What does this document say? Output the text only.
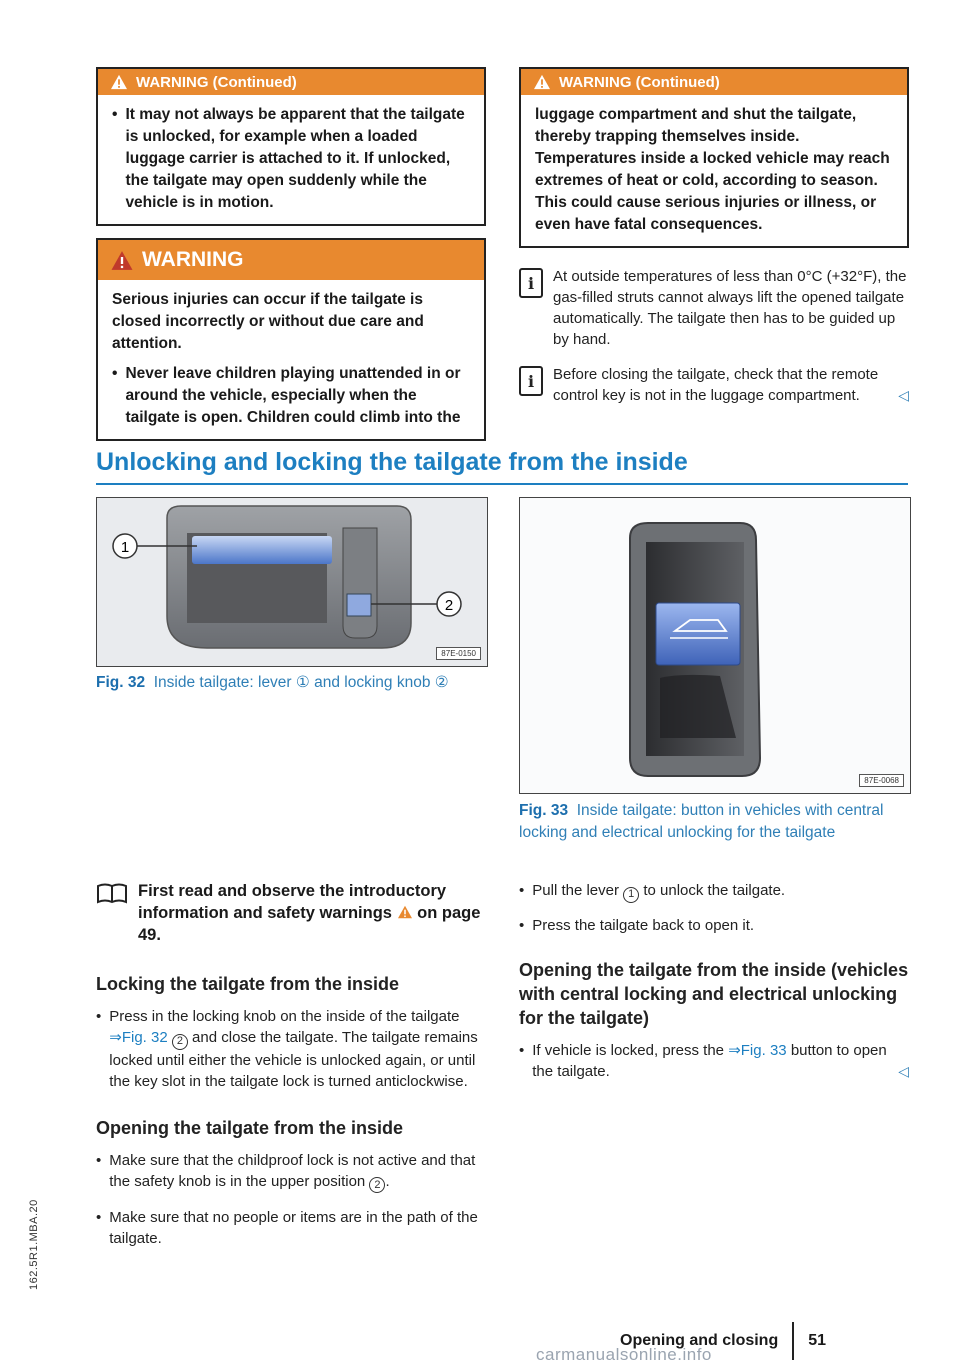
WARNING (Continued)
• It may not always be apparent that the tailgate is unlocked, for example when a loaded luggage carrier is attached to it. If unlocked, the tailgate may open suddenly while the vehicle is in motion.
WARNING

Serious injuries can occur if the tailgate is closed incorrectly or without due care and attention.

• Never leave children playing unattended in or around the vehicle, especially when the tailgate is open. Children could climb into the
WARNING (Continued)

luggage compartment and shut the tailgate, thereby trapping themselves inside. Temperatures inside a locked vehicle may reach extremes of heat or cold, according to season. This could cause serious injuries or illness, or even have fatal consequences.

i	At outside temperatures of less than 0°C (+32°F), the gas-filled struts cannot always lift the opened tailgate automatically. The tailgate then has to be guided up by hand.
i	Before closing the tailgate, check that the remote control key is not in the luggage compartment.	◁
Unlocking and locking the tailgate from the inside
1
2
87E-0150
Fig. 32 Inside tailgate: lever ① and locking knob ②
87E-0068
Fig. 33 Inside tailgate: button in vehicles with central locking and electrical unlocking for the tailgate
First read and observe the introductory information and safety warnings on page 49.
Locking the tailgate from the inside
• Press in the locking knob on the inside of the tailgate ⇒Fig. 32 2 and close the tailgate. The tailgate remains locked until either the vehicle is unlocked again, or until the key slot in the tailgate lock is turned anticlockwise.
Opening the tailgate from the inside
• Make sure that the childproof lock is not active and that the safety knob is in the upper position 2 .
• Make sure that no people or items are in the path of the tailgate.
• Pull the lever 1 to unlock the tailgate.
• Press the tailgate back to open it.
Opening the tailgate from the inside (vehicles with central locking and electrical unlocking for the tailgate)
• If vehicle is locked, press the ⇒Fig. 33 button to open the tailgate.	◁
162.5R1.MBA.20
Opening and closing 51
carmanualsonline.info
